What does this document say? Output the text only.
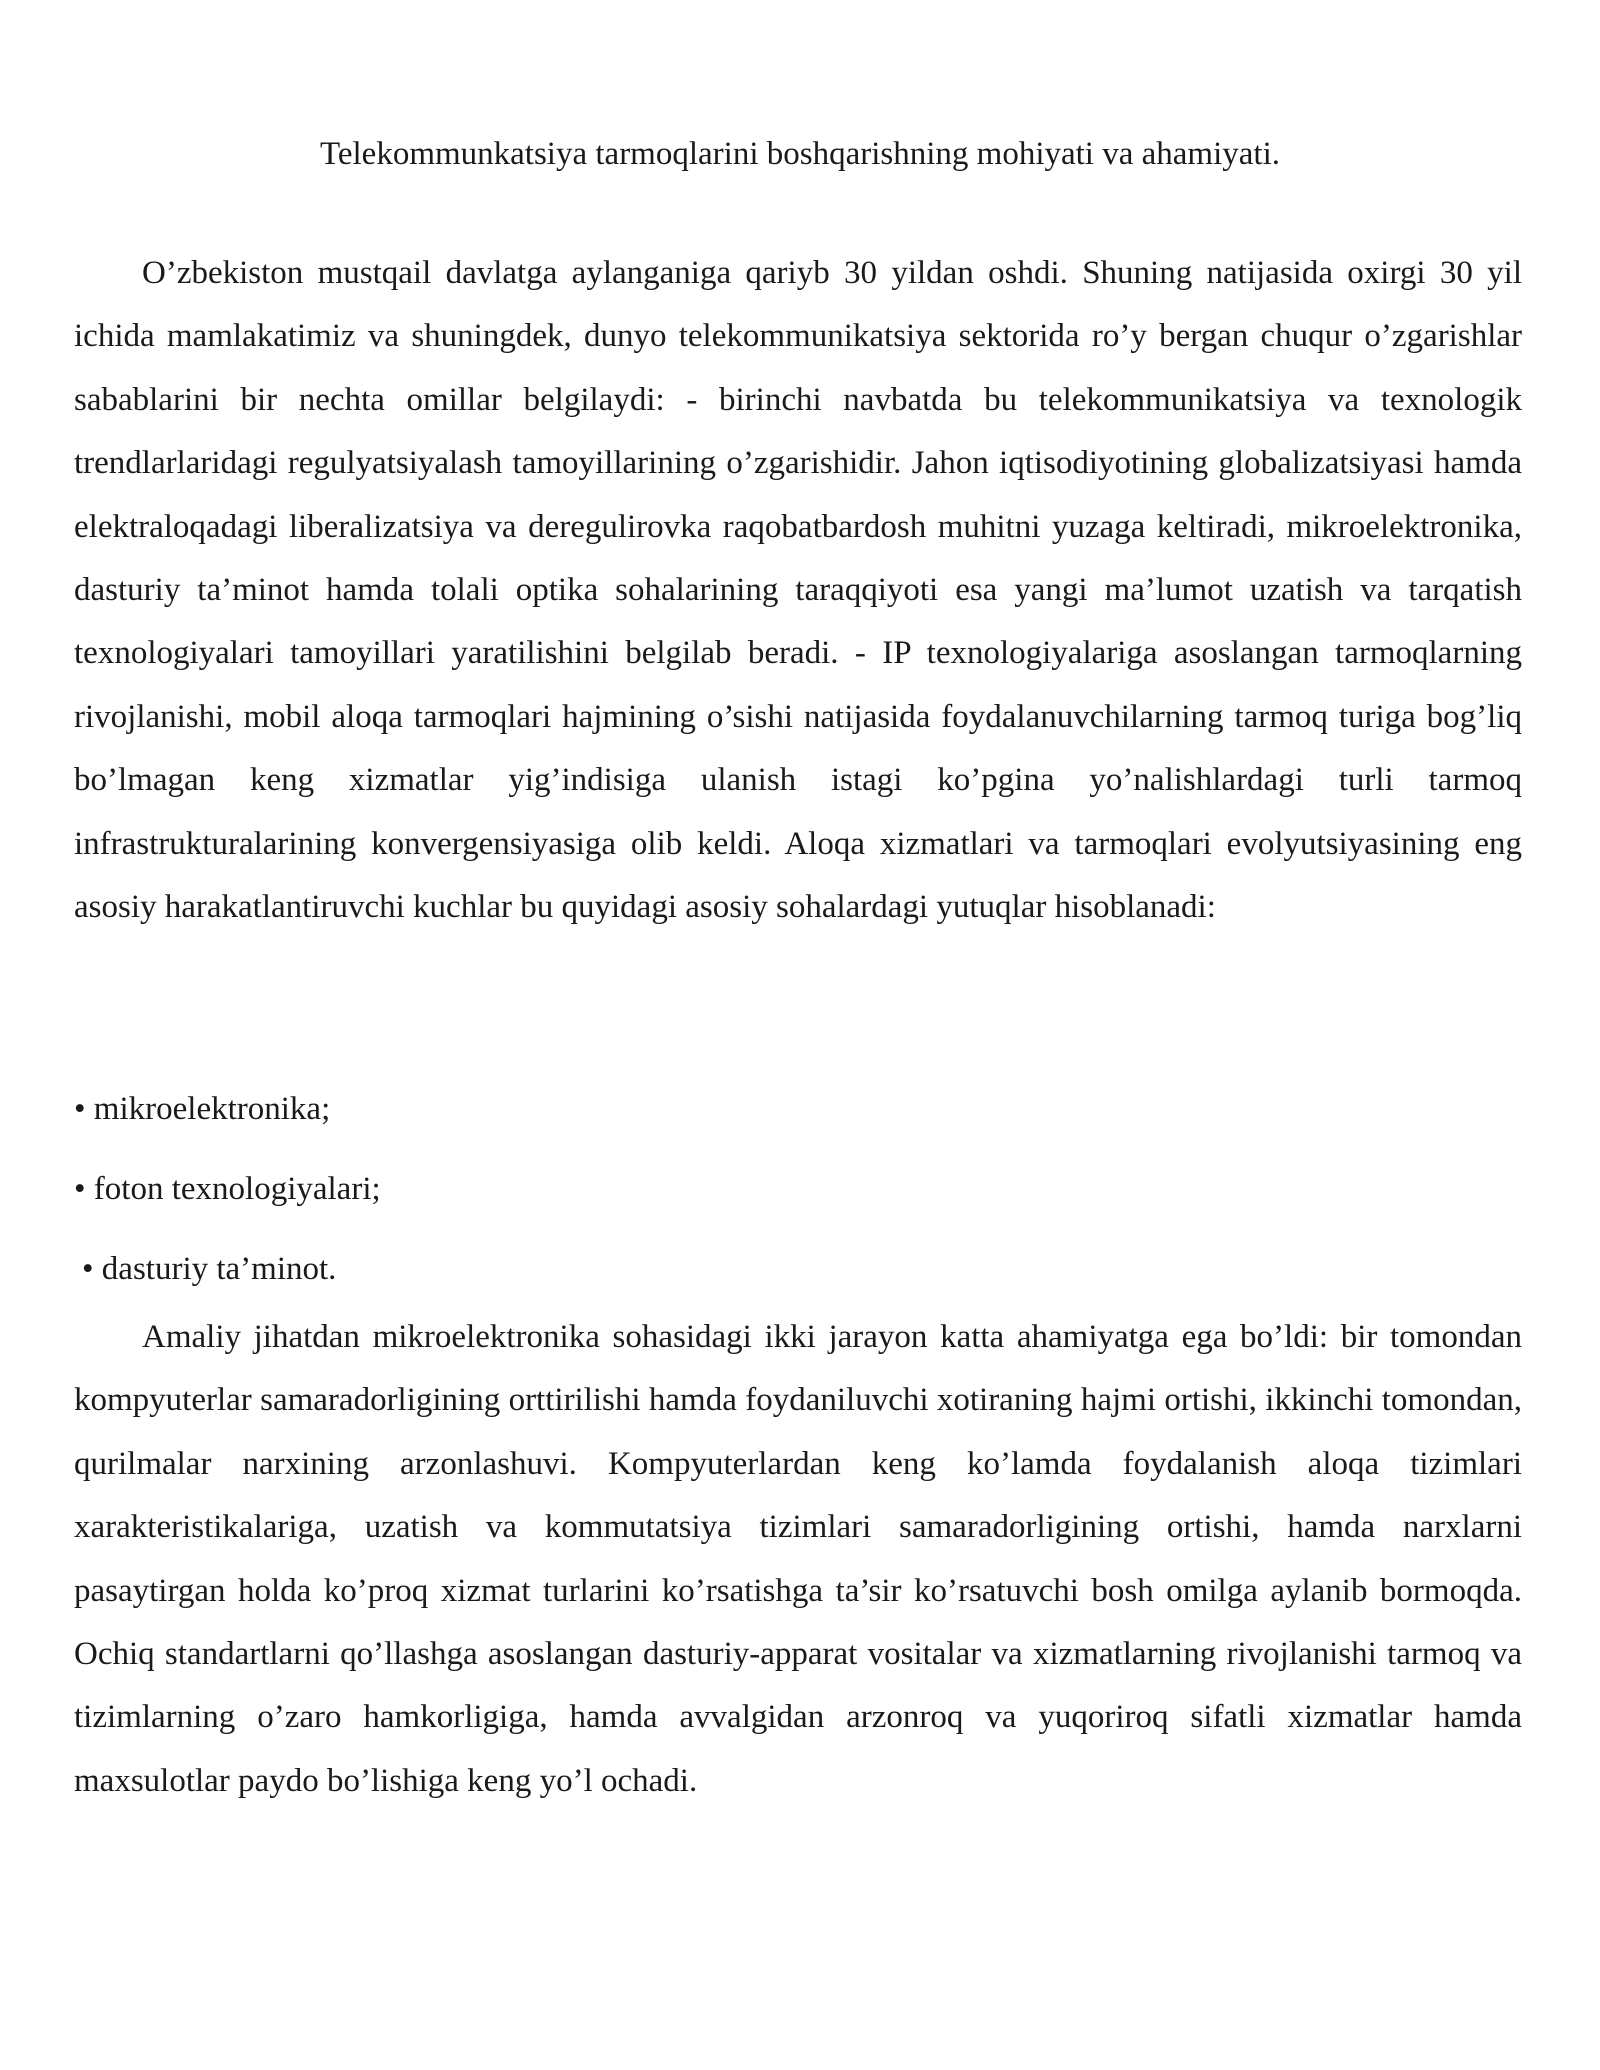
Telekommunkatsiya tarmoqlarini boshqarishning mohiyati va ahamiyati.

O’zbekiston mustqail davlatga aylanganiga qariyb 30 yildan oshdi. Shuning natijasida oxirgi 30 yil ichida mamlakatimiz va shuningdek, dunyo telekommunikatsiya sektorida ro’y bergan chuqur o’zgarishlar sabablarini bir nechta omillar belgilaydi: - birinchi navbatda bu telekommunikatsiya va texnologik trendlarlaridagi regulyatsiyalash tamoyillarining o’zgarishidir. Jahon iqtisodiyotining globalizatsiyasi hamda elektraloqadagi liberalizatsiya va deregulirovka raqobatbardosh muhitni yuzaga keltiradi, mikroelektronika, dasturiy ta’minot hamda tolali optika sohalarining taraqqiyoti esa yangi ma’lumot uzatish va tarqatish texnologiyalari tamoyillari yaratilishini belgilab beradi. - IP texnologiyalariga asoslangan tarmoqlarning rivojlanishi, mobil aloqa tarmoqlari hajmining o’sishi natijasida foydalanuvchilarning tarmoq turiga bog’liq bo’lmagan keng xizmatlar yig’indisiga ulanish istagi ko’pgina yo’nalishlardagi turli tarmoq infrastrukturalarining konvergensiyasiga olib keldi. Aloqa xizmatlari va tarmoqlari evolyutsiyasining eng asosiy harakatlantiruvchi kuchlar bu quyidagi asosiy sohalardagi yutuqlar hisoblanadi:

• mikroelektronika;

• foton texnologiyalari;

• dasturiy ta’minot.

Amaliy jihatdan mikroelektronika sohasidagi ikki jarayon katta ahamiyatga ega bo’ldi: bir tomondan kompyuterlar samaradorligining orttirilishi hamda foydaniluvchi xotiraning hajmi ortishi, ikkinchi tomondan, qurilmalar narxining arzonlashuvi. Kompyuterlardan keng ko’lamda foydalanish aloqa tizimlari xarakteristikalariga, uzatish va kommutatsiya tizimlari samaradorligining ortishi, hamda narxlarni pasaytirgan holda ko’proq xizmat turlarini ko’rsatishga ta’sir ko’rsatuvchi bosh omilga aylanib bormoqda. Ochiq standartlarni qo’llashga asoslangan dasturiy-apparat vositalar va xizmatlarning rivojlanishi tarmoq va tizimlarning o’zaro hamkorligiga, hamda avvalgidan arzonroq va yuqoriroq sifatli xizmatlar hamda maxsulotlar paydo bo’lishiga keng yo’l ochadi.
